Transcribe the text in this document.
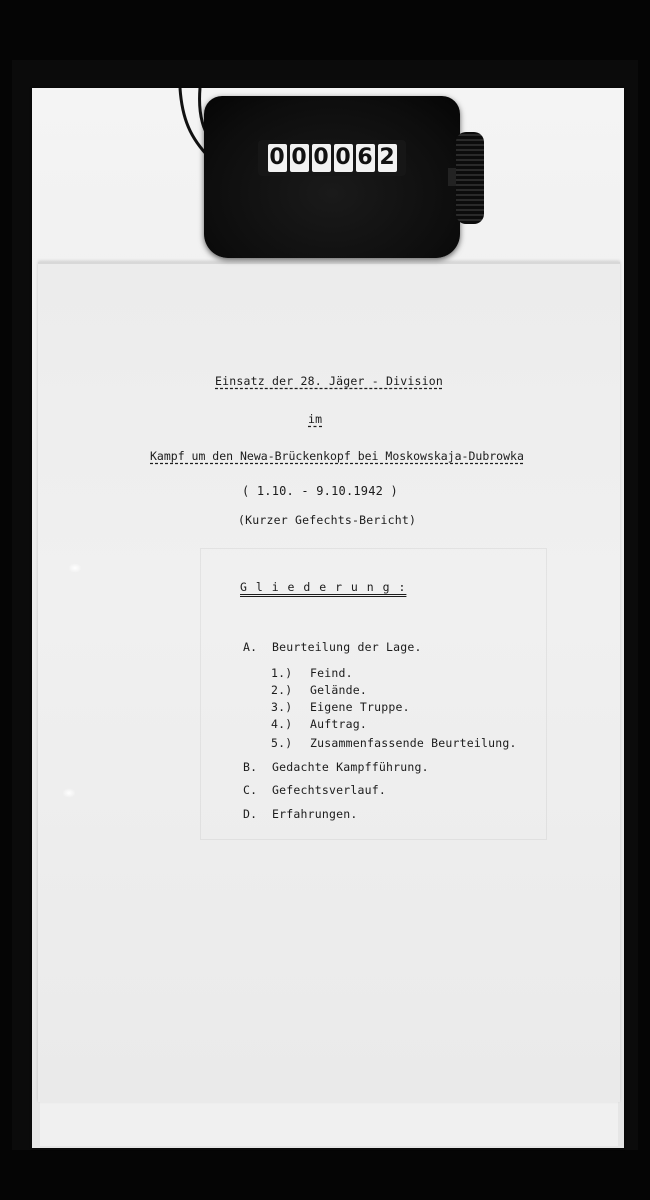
0 0 0 0 6 2
Einsatz der 28. Jäger - Division
im
Kampf um den Newa-Brückenkopf bei Moskowskaja-Dubrowka
( 1.10. - 9.10.1942 )
(Kurzer Gefechts-Bericht)
G l i e d e r u n g :
A. Beurteilung der Lage.
1.) Feind.
2.) Gelände.
3.) Eigene Truppe.
4.) Auftrag.
5.) Zusammenfassende Beurteilung.
B. Gedachte Kampfführung.
C. Gefechtsverlauf.
D. Erfahrungen.
